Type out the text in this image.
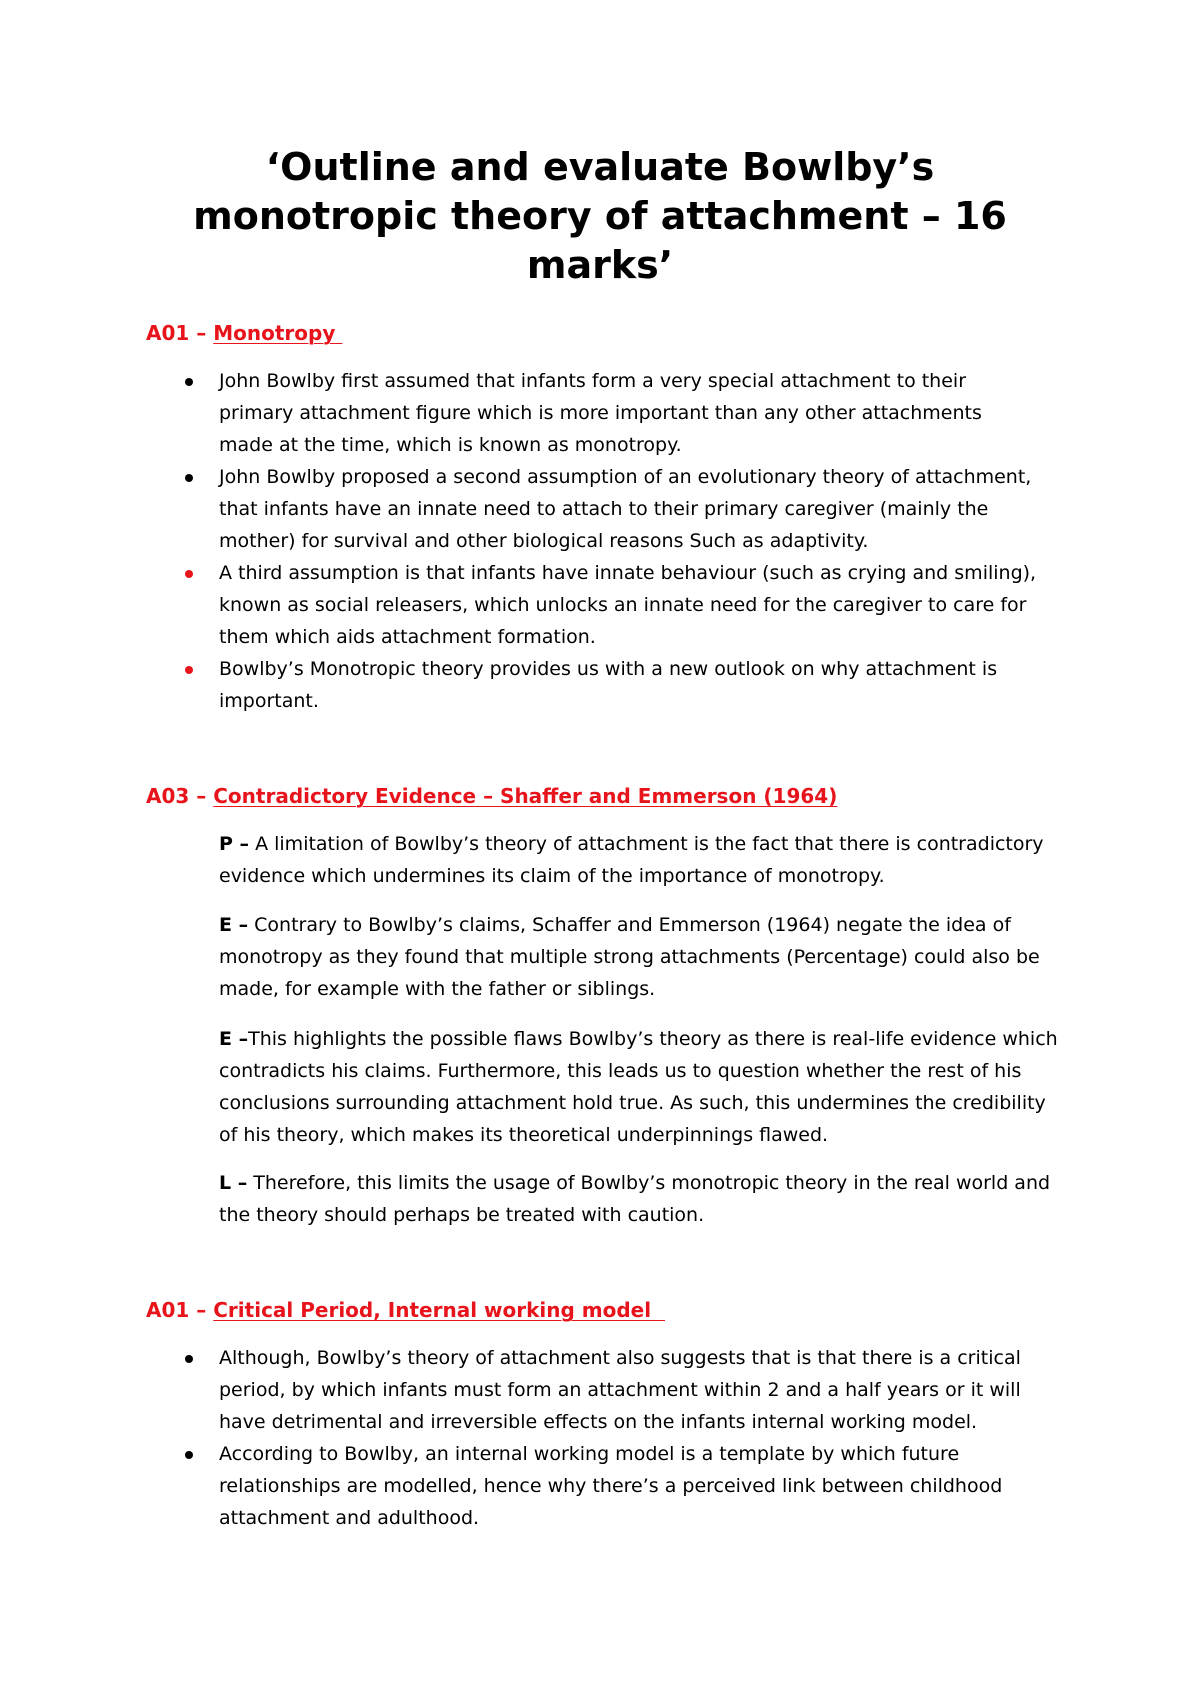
‘Outline and evaluate Bowlby’s monotropic theory of attachment – 16 marks’
A01 – Monotropy
John Bowlby first assumed that infants form a very special attachment to their primary attachment figure which is more important than any other attachments made at the time, which is known as monotropy.
John Bowlby proposed a second assumption of an evolutionary theory of attachment, that infants have an innate need to attach to their primary caregiver (mainly the mother) for survival and other biological reasons Such as adaptivity.
A third assumption is that infants have innate behaviour (such as crying and smiling), known as social releasers, which unlocks an innate need for the caregiver to care for them which aids attachment formation.
Bowlby’s Monotropic theory provides us with a new outlook on why attachment is important.
A03 – Contradictory Evidence – Shaffer and Emmerson (1964)

P – A limitation of Bowlby’s theory of attachment is the fact that there is contradictory evidence which undermines its claim of the importance of monotropy.

E – Contrary to Bowlby’s claims, Schaffer and Emmerson (1964) negate the idea of monotropy as they found that multiple strong attachments (Percentage) could also be made, for example with the father or siblings.

E –This highlights the possible flaws Bowlby’s theory as there is real-life evidence which contradicts his claims. Furthermore, this leads us to question whether the rest of his conclusions surrounding attachment hold true. As such, this undermines the credibility of his theory, which makes its theoretical underpinnings flawed.

L – Therefore, this limits the usage of Bowlby’s monotropic theory in the real world and the theory should perhaps be treated with caution.

A01 – Critical Period, Internal working model
Although, Bowlby’s theory of attachment also suggests that is that there is a critical period, by which infants must form an attachment within 2 and a half years or it will have detrimental and irreversible effects on the infants internal working model.
According to Bowlby, an internal working model is a template by which future relationships are modelled, hence why there’s a perceived link between childhood attachment and adulthood.
